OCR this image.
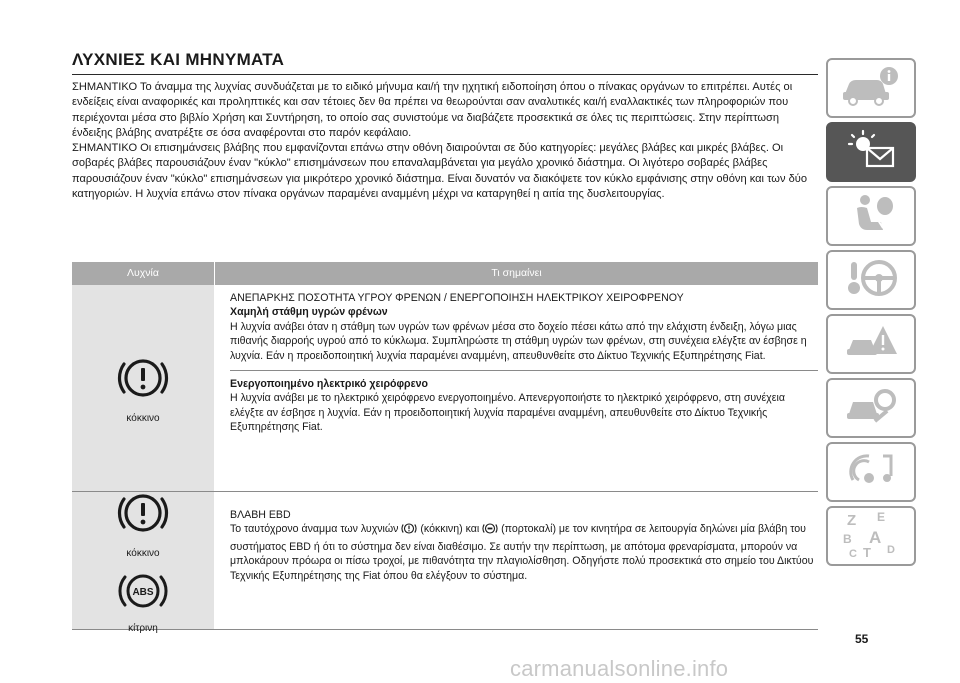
ΛΥΧΝΙΕΣ ΚΑΙ ΜΗΝΥΜΑΤΑ

ΣΗΜΑΝΤΙΚΟ Το άναμμα της λυχνίας συνδυάζεται με το ειδικό μήνυμα και/ή την ηχητική ειδοποίηση όπου ο πίνακας οργάνων το επιτρέπει. Αυτές οι ενδείξεις είναι αναφορικές και προληπτικές και σαν τέτοιες δεν θα πρέπει να θεωρούνται σαν αναλυτικές και/ή εναλλακτικές των πληροφοριών που περιέχονται μέσα στο βιβλίο Χρήση και Συντήρηση, το οποίο σας συνιστούμε να διαβάζετε προσεκτικά σε όλες τις περιπτώσεις. Στην περίπτωση ένδειξης βλάβης ανατρέξτε σε όσα αναφέρονται στο παρόν κεφάλαιο.

ΣΗΜΑΝΤΙΚΟ Οι επισημάνσεις βλάβης που εμφανίζονται επάνω στην οθόνη διαιρούνται σε δύο κατηγορίες: μεγάλες βλάβες και μικρές βλάβες. Οι σοβαρές βλάβες παρουσιάζουν έναν "κύκλο" επισημάνσεων που επαναλαμβάνεται για μεγάλο χρονικό διάστημα. Οι λιγότερο σοβαρές βλάβες παρουσιάζουν έναν "κύκλο" επισημάνσεων για μικρότερο χρονικό διάστημα. Είναι δυνατόν να διακόψετε τον κύκλο εμφάνισης στην οθόνη και των δύο κατηγοριών. Η λυχνία επάνω στον πίνακα οργάνων παραμένει αναμμένη μέχρι να καταργηθεί η αιτία της δυσλειτουργίας.

Λυχνία	Τι σημαίνει
κόκκινο

ΑΝΕΠΑΡΚΗΣ ΠΟΣΟΤΗΤΑ ΥΓΡΟΥ ΦΡΕΝΩΝ / ΕΝΕΡΓΟΠΟΙΗΣΗ ΗΛΕΚΤΡΙΚΟΥ ΧΕΙΡΟΦΡΕΝΟΥ

Χαμηλή στάθμη υγρών φρένων

Η λυχνία ανάβει όταν η στάθμη των υγρών των φρένων μέσα στο δοχείο πέσει κάτω από την ελάχιστη ένδειξη, λόγω μιας πιθανής διαρροής υγρού από το κύκλωμα. Συμπληρώστε τη στάθμη υγρών των φρένων, στη συνέχεια ελέγξτε αν έσβησε η λυχνία. Εάν η προειδοποιητική λυχνία παραμένει αναμμένη, απευθυνθείτε στο Δίκτυο Τεχνικής Εξυπηρέτησης Fiat.

Ενεργοποιημένο ηλεκτρικό χειρόφρενο

Η λυχνία ανάβει με το ηλεκτρικό χειρόφρενο ενεργοποιημένο. Απενεργοποιήστε το ηλεκτρικό χειρόφρενο, στη συνέχεια ελέγξτε αν έσβησε η λυχνία. Εάν η προειδοποιητική λυχνία παραμένει αναμμένη, απευθυνθείτε στο Δίκτυο Τεχνικής Εξυπηρέτησης Fiat.

κόκκινο
ABS
κίτρινη

ΒΛΑΒΗ EBD

Το ταυτόχρονο άναμμα των λυχνιών (κόκκινη) και (πορτοκαλί) με τον κινητήρα σε λειτουργία δηλώνει μία βλάβη του συστήματος EBD ή ότι το σύστημα δεν είναι διαθέσιμο. Σε αυτήν την περίπτωση, με απότομα φρεναρίσματα, μπορούν να μπλοκάρουν πρόωρα οι πίσω τροχοί, με πιθανότητα την πλαγιολίσθηση. Οδηγήστε πολύ προσεκτικά στο σημείο του Δικτύου Τεχνικής Εξυπηρέτησης της Fiat όπου θα ελέγξουν το σύστημα.

Z E
B A
C T D
55
carmanualsonline.info
